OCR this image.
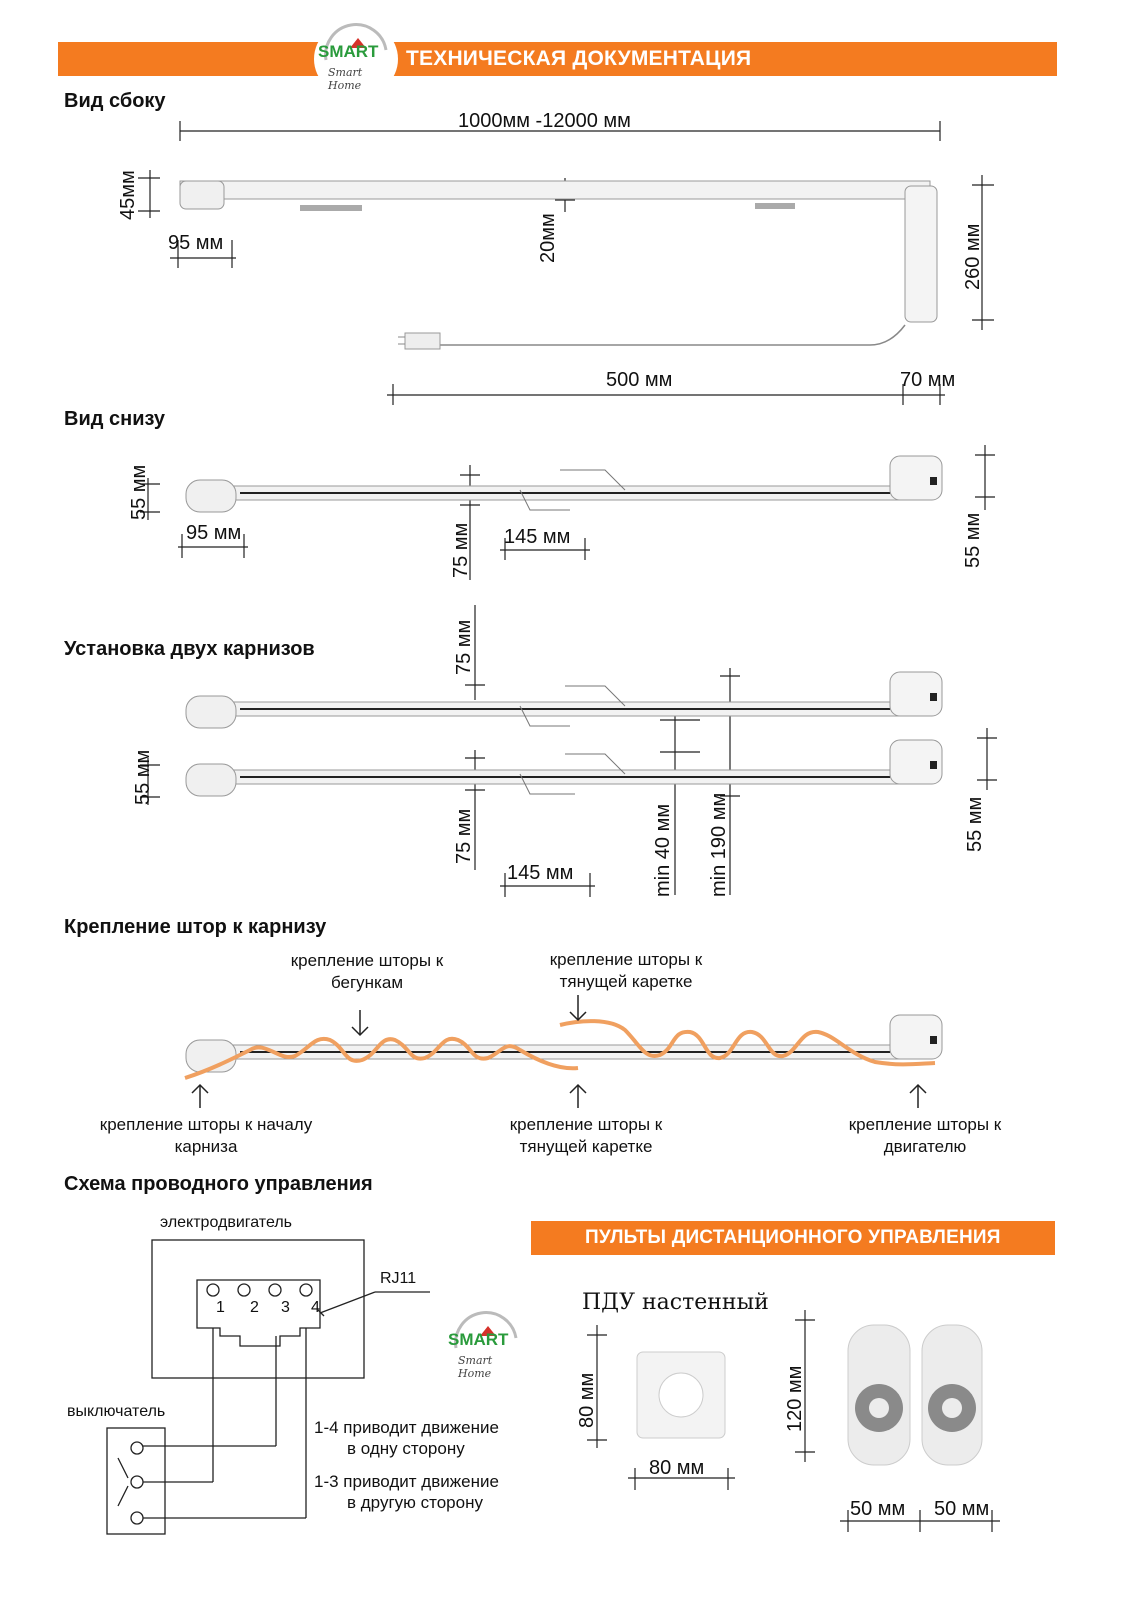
ТЕХНИЧЕСКАЯ ДОКУМЕНТАЦИЯ
SMART
Smart Home
Вид сбоку
1000мм -12000 мм
45мм
95 мм	20мм	260 мм
500 мм	70 мм
Вид снизу
55 мм
95 мм	75 мм 145 мм	55 мм
Установка двух карнизов	75 мм
55 мм
75 мм
145 мм	min 40 мм min 190 мм	55 мм
Крепление штор к карнизу
крепление шторы к бегункам
крепление шторы к тянущей каретке
крепление шторы к началу карниза
крепление шторы к тянущей каретке
крепление шторы к двигателю
Схема проводного управления
электродвигатель
RJ11
1 2 3 4
выключатель
1-4 приводит движение
в одну сторону
1-3 приводит движение
в другую сторону
SMART
Smart Home
ПУЛЬТЫ ДИСТАНЦИОННОГО УПРАВЛЕНИЯ
ПДУ настенный
80 мм
80 мм
120 мм
50 мм 50 мм
